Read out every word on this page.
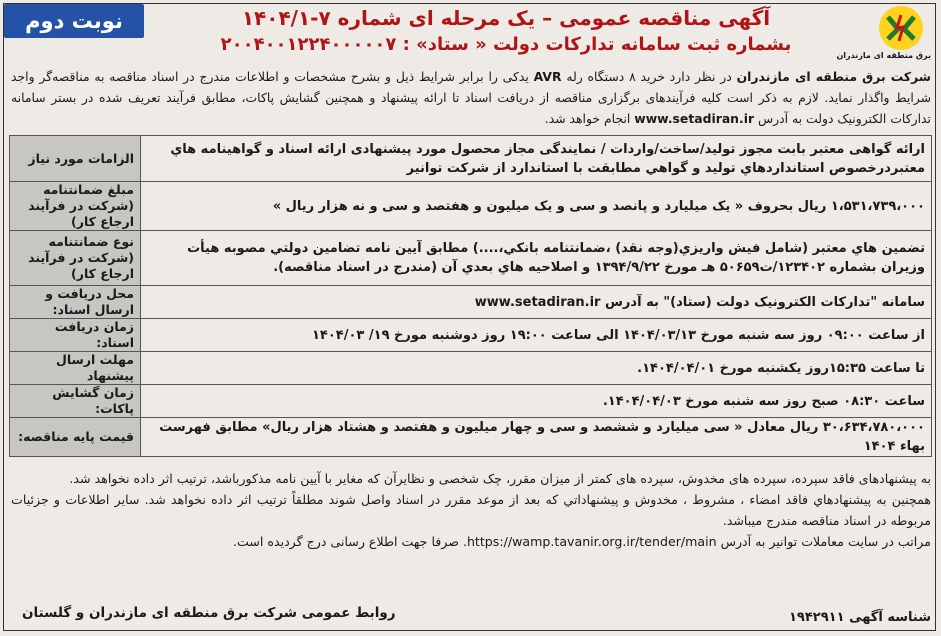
نوبت دوم
برق منطقه ای مازندران
آگهی مناقصه عمومی – یک مرحله ای شماره ۷-۱۴۰۴/۱
بشماره ثبت سامانه تدارکات دولت « ستاد» : ۲۰۰۴۰۰۱۲۲۴۰۰۰۰۰۷
شرکت برق منطقه ای مازندران در نظر دارد خرید ۸ دستگاه رله AVR یدکی را برابر شرایط ذیل و بشرح مشخصات و اطلاعات مندرج در اسناد مناقصه به مناقصه‌گر واجد شرایط واگذار نماید. لازم به ذکر است کلیه فرآیندهای برگزاری مناقصه از دریافت اسناد تا ارائه پیشنهاد و همچنین گشایش پاکات، مطابق فرآیند تعریف شده در بستر سامانه تدارکات الکترونیک دولت به آدرس www.setadiran.ir انجام خواهد شد.
ارائه گواهی معتبر بابت مجوز تولید/ساخت/واردات / نمایندگی مجاز محصول مورد پیشنهادی ارائه اسناد و گواهینامه هاي معتبردرخصوص استانداردهاي توليد و گواهي مطابقت با استاندارد از شرکت توانیر	الزامات مورد نیاز
۱،۵۳۱،۷۳۹،۰۰۰ ریال بحروف « یک میلیارد و پانصد و سی و یک میلیون و هفتصد و سی و نه هزار ریال »	مبلغ ضمانتنامه (شرکت در فرآیند ارجاع کار)
تضمين هاي معتبر (شامل فيش واريزي(وجه نقد) ،ضمانتنامه بانکي،....) مطابق آيين نامه تضامين دولتي مصوبه هيأت وزيران بشماره ۱۲۳۴۰۲/ت۵۰۶۵۹ هـ مورخ ۱۳۹۴/۹/۲۲ و اصلاحيه هاي بعدي آن (مندرج در اسناد مناقصه).	نوع ضمانتنامه (شرکت در فرآیند ارجاع کار)
سامانه "تدارکات الکترونیک دولت (ستاد)" به آدرس www.setadiran.ir	محل دریافت و ارسال اسناد:
از ساعت ۰۹:۰۰ روز سه شنبه مورخ ۱۴۰۴/۰۳/۱۳ الی ساعت ۱۹:۰۰ روز دوشنبه مورخ ۱۹/ ۱۴۰۴/۰۳	زمان دریافت اسناد:
تا ساعت ۱۵:۳۵روز یکشنبه مورخ ۱۴۰۴/۰۴/۰۱.	مهلت ارسال پیشنهاد
ساعت ۰۸:۳۰ صبح روز سه شنبه مورخ ۱۴۰۴/۰۴/۰۳.	زمان گشایش پاکات:
۳۰،۶۳۴،۷۸۰،۰۰۰ ریال معادل « سی میلیارد و ششصد و سی و چهار میلیون و هفتصد و هشتاد هزار ریال» مطابق فهرست بهاء ۱۴۰۴	قیمت پایه مناقصه:
به پیشنهادهای فاقد سپرده، سپرده های مخدوش، سپرده های کمتر از میزان مقرر، چک شخصی و نظایرآن که مغایر با آیین نامه مذکورباشد، ترتیب اثر داده نخواهد شد.
همچنین به پیشنهادهاي فاقد امضاء ، مشروط ، مخدوش و پیشنهاداتي که بعد از موعد مقرر در اسناد واصل شوند مطلقاً ترتيب اثر داده نخواهد شد. سایر اطلاعات و جزئیات مربوطه در اسناد مناقصه مندرج میباشد.
مراتب در سایت معاملات توانیر به آدرس https://wamp.tavanir.org.ir/tender/main. صرفا جهت اطلاع رسانی درج گردیده است.
شناسه آگهی ۱۹۴۲۹۱۱
روابط عمومی شرکت برق منطقه ای مازندران و گلستان
